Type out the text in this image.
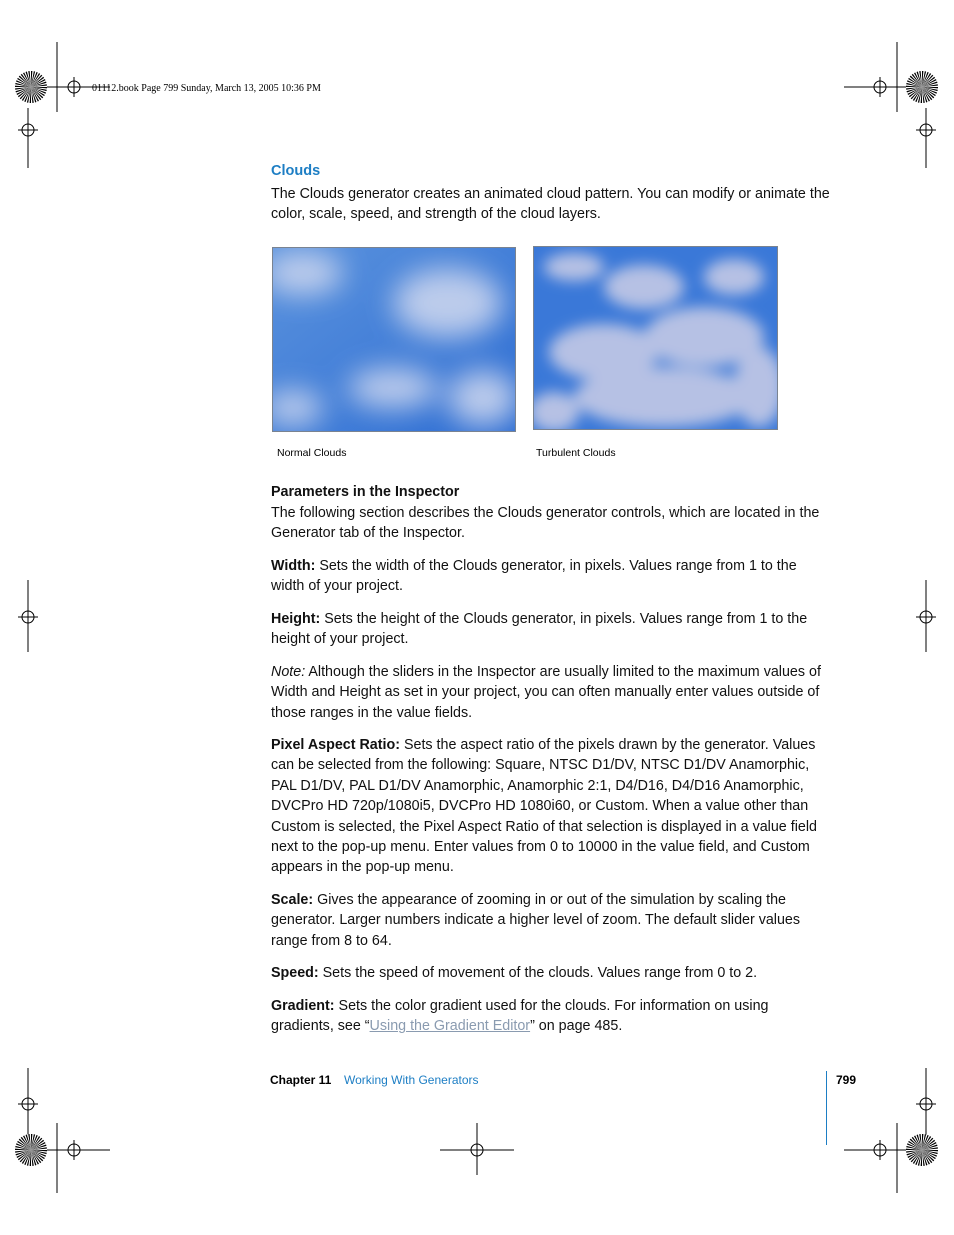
01112.book Page 799 Sunday, March 13, 2005 10:36 PM
Clouds
The Clouds generator creates an animated cloud pattern. You can modify or animate the color, scale, speed, and strength of the cloud layers.
Normal Clouds	Turbulent Clouds
Parameters in the Inspector
The following section describes the Clouds generator controls, which are located in the Generator tab of the Inspector.
Width: Sets the width of the Clouds generator, in pixels. Values range from 1 to the width of your project.
Height: Sets the height of the Clouds generator, in pixels. Values range from 1 to the height of your project.
Note: Although the sliders in the Inspector are usually limited to the maximum values of Width and Height as set in your project, you can often manually enter values outside of those ranges in the value fields.
Pixel Aspect Ratio: Sets the aspect ratio of the pixels drawn by the generator. Values can be selected from the following: Square, NTSC D1/DV, NTSC D1/DV Anamorphic, PAL D1/DV, PAL D1/DV Anamorphic, Anamorphic 2:1, D4/D16, D4/D16 Anamorphic, DVCPro HD 720p/1080i5, DVCPro HD 1080i60, or Custom. When a value other than Custom is selected, the Pixel Aspect Ratio of that selection is displayed in a value field next to the pop-up menu. Enter values from 0 to 10000 in the value field, and Custom appears in the pop-up menu.
Scale: Gives the appearance of zooming in or out of the simulation by scaling the generator. Larger numbers indicate a higher level of zoom. The default slider values range from 8 to 64.
Speed: Sets the speed of movement of the clouds. Values range from 0 to 2.
Gradient: Sets the color gradient used for the clouds. For information on using gradients, see “Using the Gradient Editor” on page 485.
Chapter 11 Working With Generators	799
